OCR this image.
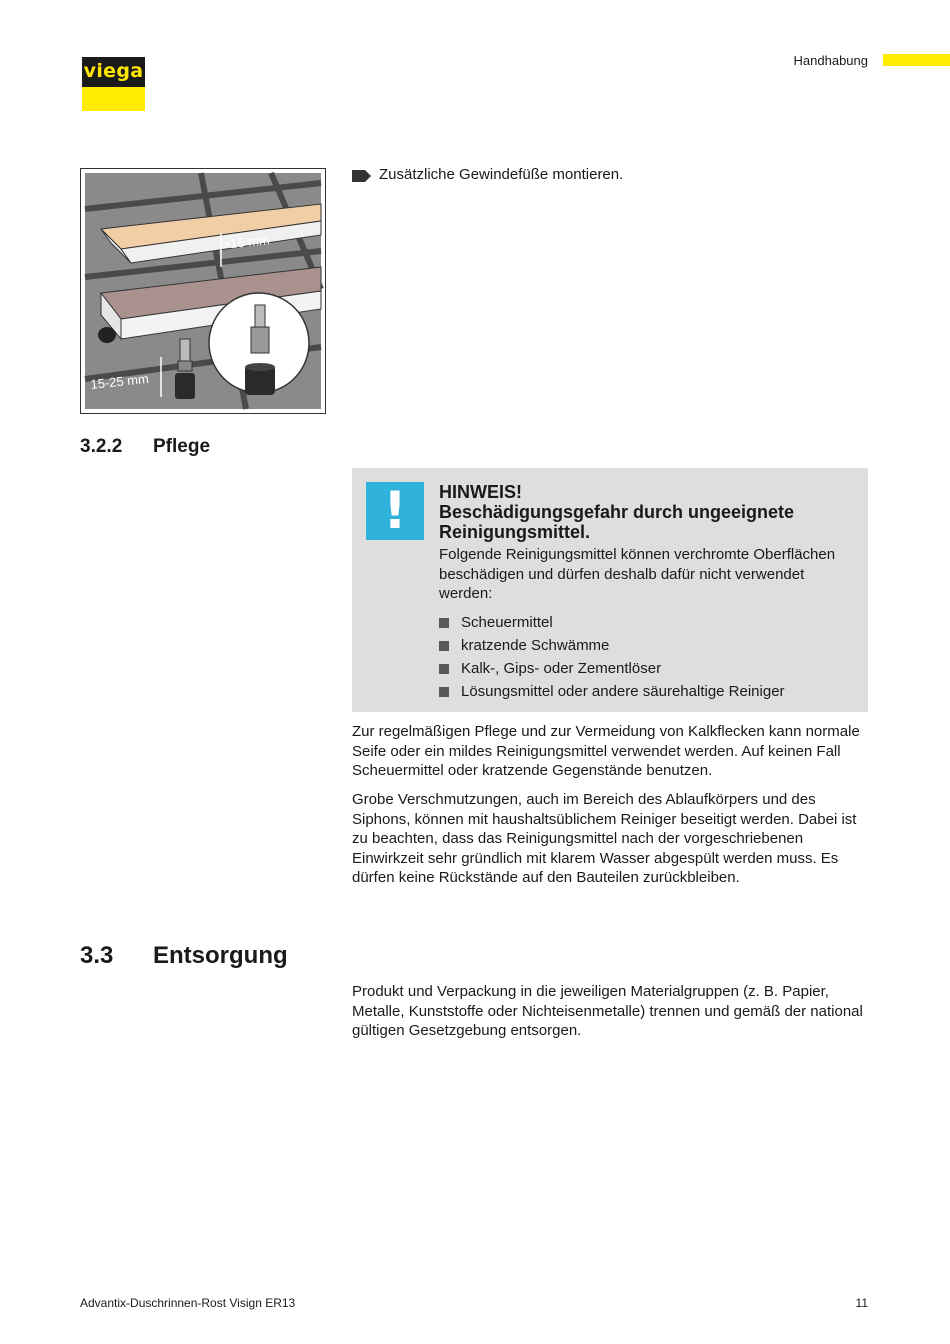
viega	Handhabung
>15 mm
15-25 mm
Zusätzliche Gewindefüße montieren.
3.2.2 Pflege
!	HINWEIS!
Beschädigungsgefahr durch ungeeignete
Reinigungsmittel.
Folgende Reinigungsmittel können verchromte Oberflächen beschädigen und dürfen deshalb dafür nicht verwendet werden:
Scheuermittel
kratzende Schwämme
Kalk-, Gips- oder Zementlöser
Lösungsmittel oder andere säurehaltige Reiniger
Zur regelmäßigen Pflege und zur Vermeidung von Kalkflecken kann normale Seife oder ein mildes Reinigungsmittel verwendet werden. Auf keinen Fall Scheuermittel oder kratzende Gegenstände benutzen.
Grobe Verschmutzungen, auch im Bereich des Ablaufkörpers und des Siphons, können mit haushaltsüblichem Reiniger beseitigt werden. Dabei ist zu beachten, dass das Reinigungsmittel nach der vorgeschriebenen Einwirkzeit sehr gründlich mit klarem Wasser abgespült werden muss. Es dürfen keine Rückstände auf den Bauteilen zurückbleiben.
3.3 Entsorgung
Produkt und Verpackung in die jeweiligen Materialgruppen (z. B. Papier, Metalle, Kunststoffe oder Nichteisenmetalle) trennen und gemäß der national gültigen Gesetzgebung entsorgen.
Advantix-Duschrinnen-Rost Visign ER13	11
